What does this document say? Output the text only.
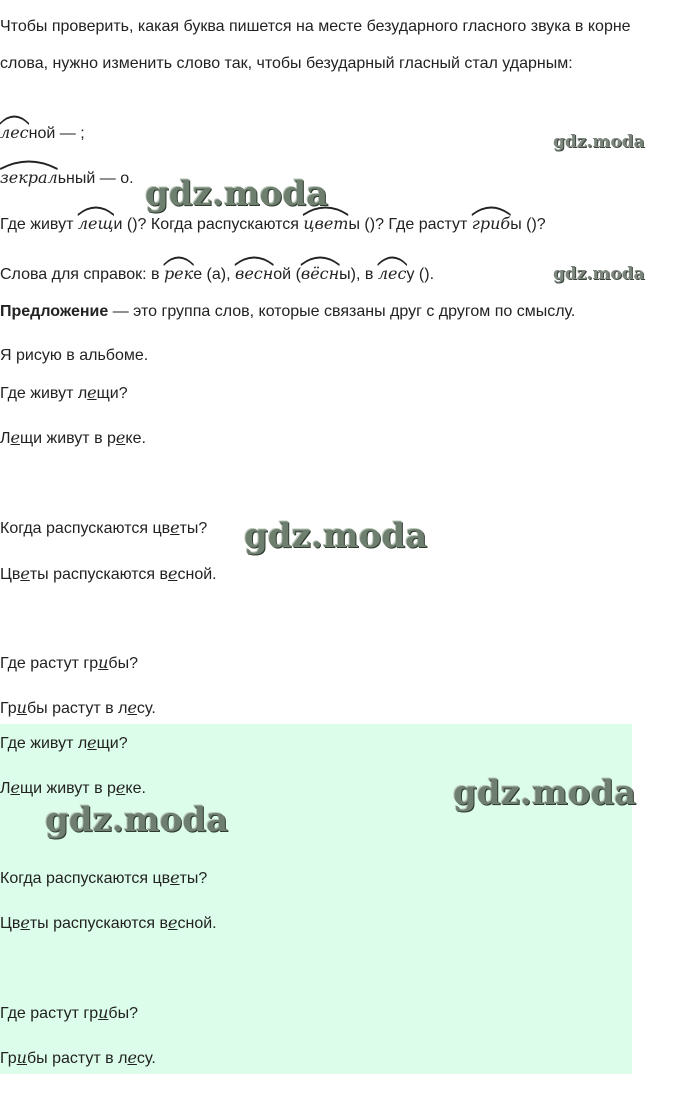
Чтобы проверить, какая буква пишется на месте безударного гласного звука в корне слова, нужно изменить слово так, чтобы безударный гласный стал ударным:
лесной — ;
зекральный — о.
Где живут
лещи ()? Когда распускаются
цветы ()? Где растут
грибы ()?
Слова для справок: в
реке (а),
весной (
вёсны), в
лесу ().
Предложение — это группа слов, которые связаны друг с другом по смыслу.
Я рисую в альбоме.
Где живут лещи?
Лещи живут в реке.
Когда распускаются цветы?
Цветы распускаются весной.
Где растут грибы?
Грибы растут в лесу.
Где живут лещи?
Лещи живут в реке.
Когда распускаются цветы?
Цветы распускаются весной.
Где растут грибы?
Грибы растут в лесу.
gdz.moda
gdz.moda
gdz.moda
gdz.moda
gdz.moda
gdz.moda
